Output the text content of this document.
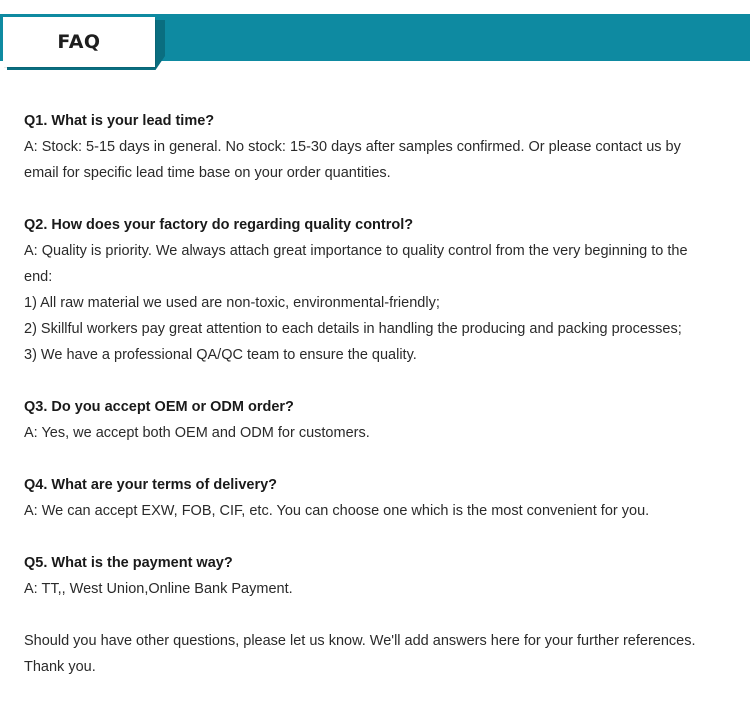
FAQ
Q1. What is your lead time?
A: Stock: 5-15 days in general. No stock: 15-30 days after samples confirmed. Or please contact us by
email for specific lead time base on your order quantities.
Q2. How does your factory do regarding quality control?
A: Quality is priority. We always attach great importance to quality control from the very beginning to the
end:
1) All raw material we used are non-toxic, environmental-friendly;
2) Skillful workers pay great attention to each details in handling the producing and packing processes;
3) We have a professional QA/QC team to ensure the quality.
Q3. Do you accept OEM or ODM order?
A: Yes, we accept both OEM and ODM for customers.
Q4. What are your terms of delivery?
A: We can accept EXW, FOB, CIF, etc. You can choose one which is the most convenient for you.
Q5. What is the payment way?
A: TT,, West Union,Online Bank Payment.
Should you have other questions, please let us know. We'll add answers here for your further references.
Thank you.
